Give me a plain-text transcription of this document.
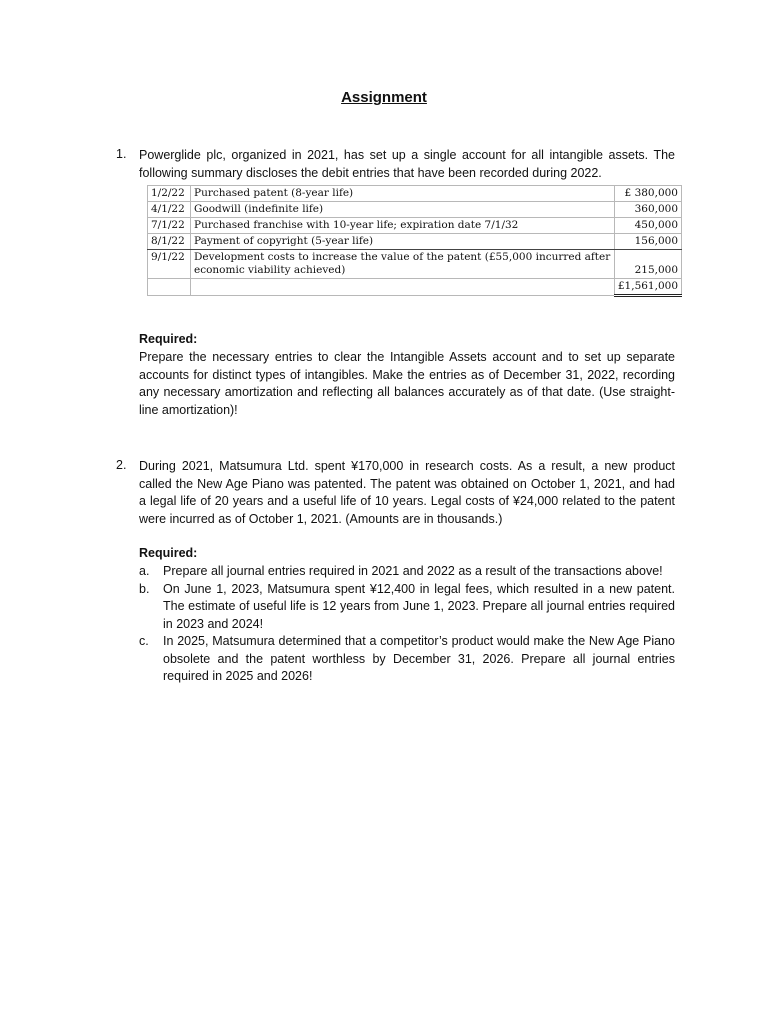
Assignment
1. Powerglide plc, organized in 2021, has set up a single account for all intangible assets. The following summary discloses the debit entries that have been recorded during 2022.
1/2/22	Purchased patent (8-year life)	£ 380,000
4/1/22	Goodwill (indefinite life)	360,000
7/1/22	Purchased franchise with 10-year life; expiration date 7/1/32	450,000
8/1/22	Payment of copyright (5-year life)	156,000
9/1/22	Development costs to increase the value of the patent (£55,000 incurred after economic viability achieved)	215,000
		£1,561,000
Required:
Prepare the necessary entries to clear the Intangible Assets account and to set up separate accounts for distinct types of intangibles. Make the entries as of December 31, 2022, recording any necessary amortization and reflecting all balances accurately as of that date. (Use straight-line amortization)!
2. During 2021, Matsumura Ltd. spent ¥170,000 in research costs. As a result, a new product called the New Age Piano was patented. The patent was obtained on October 1, 2021, and had a legal life of 20 years and a useful life of 10 years. Legal costs of ¥24,000 related to the patent were incurred as of October 1, 2021. (Amounts are in thousands.)
Required:
a.	Prepare all journal entries required in 2021 and 2022 as a result of the transactions above!
b.	On June 1, 2023, Matsumura spent ¥12,400 in legal fees, which resulted in a new patent. The estimate of useful life is 12 years from June 1, 2023. Prepare all journal entries required in 2023 and 2024!
c.	In 2025, Matsumura determined that a competitor’s product would make the New Age Piano obsolete and the patent worthless by December 31, 2026. Prepare all journal entries required in 2025 and 2026!
